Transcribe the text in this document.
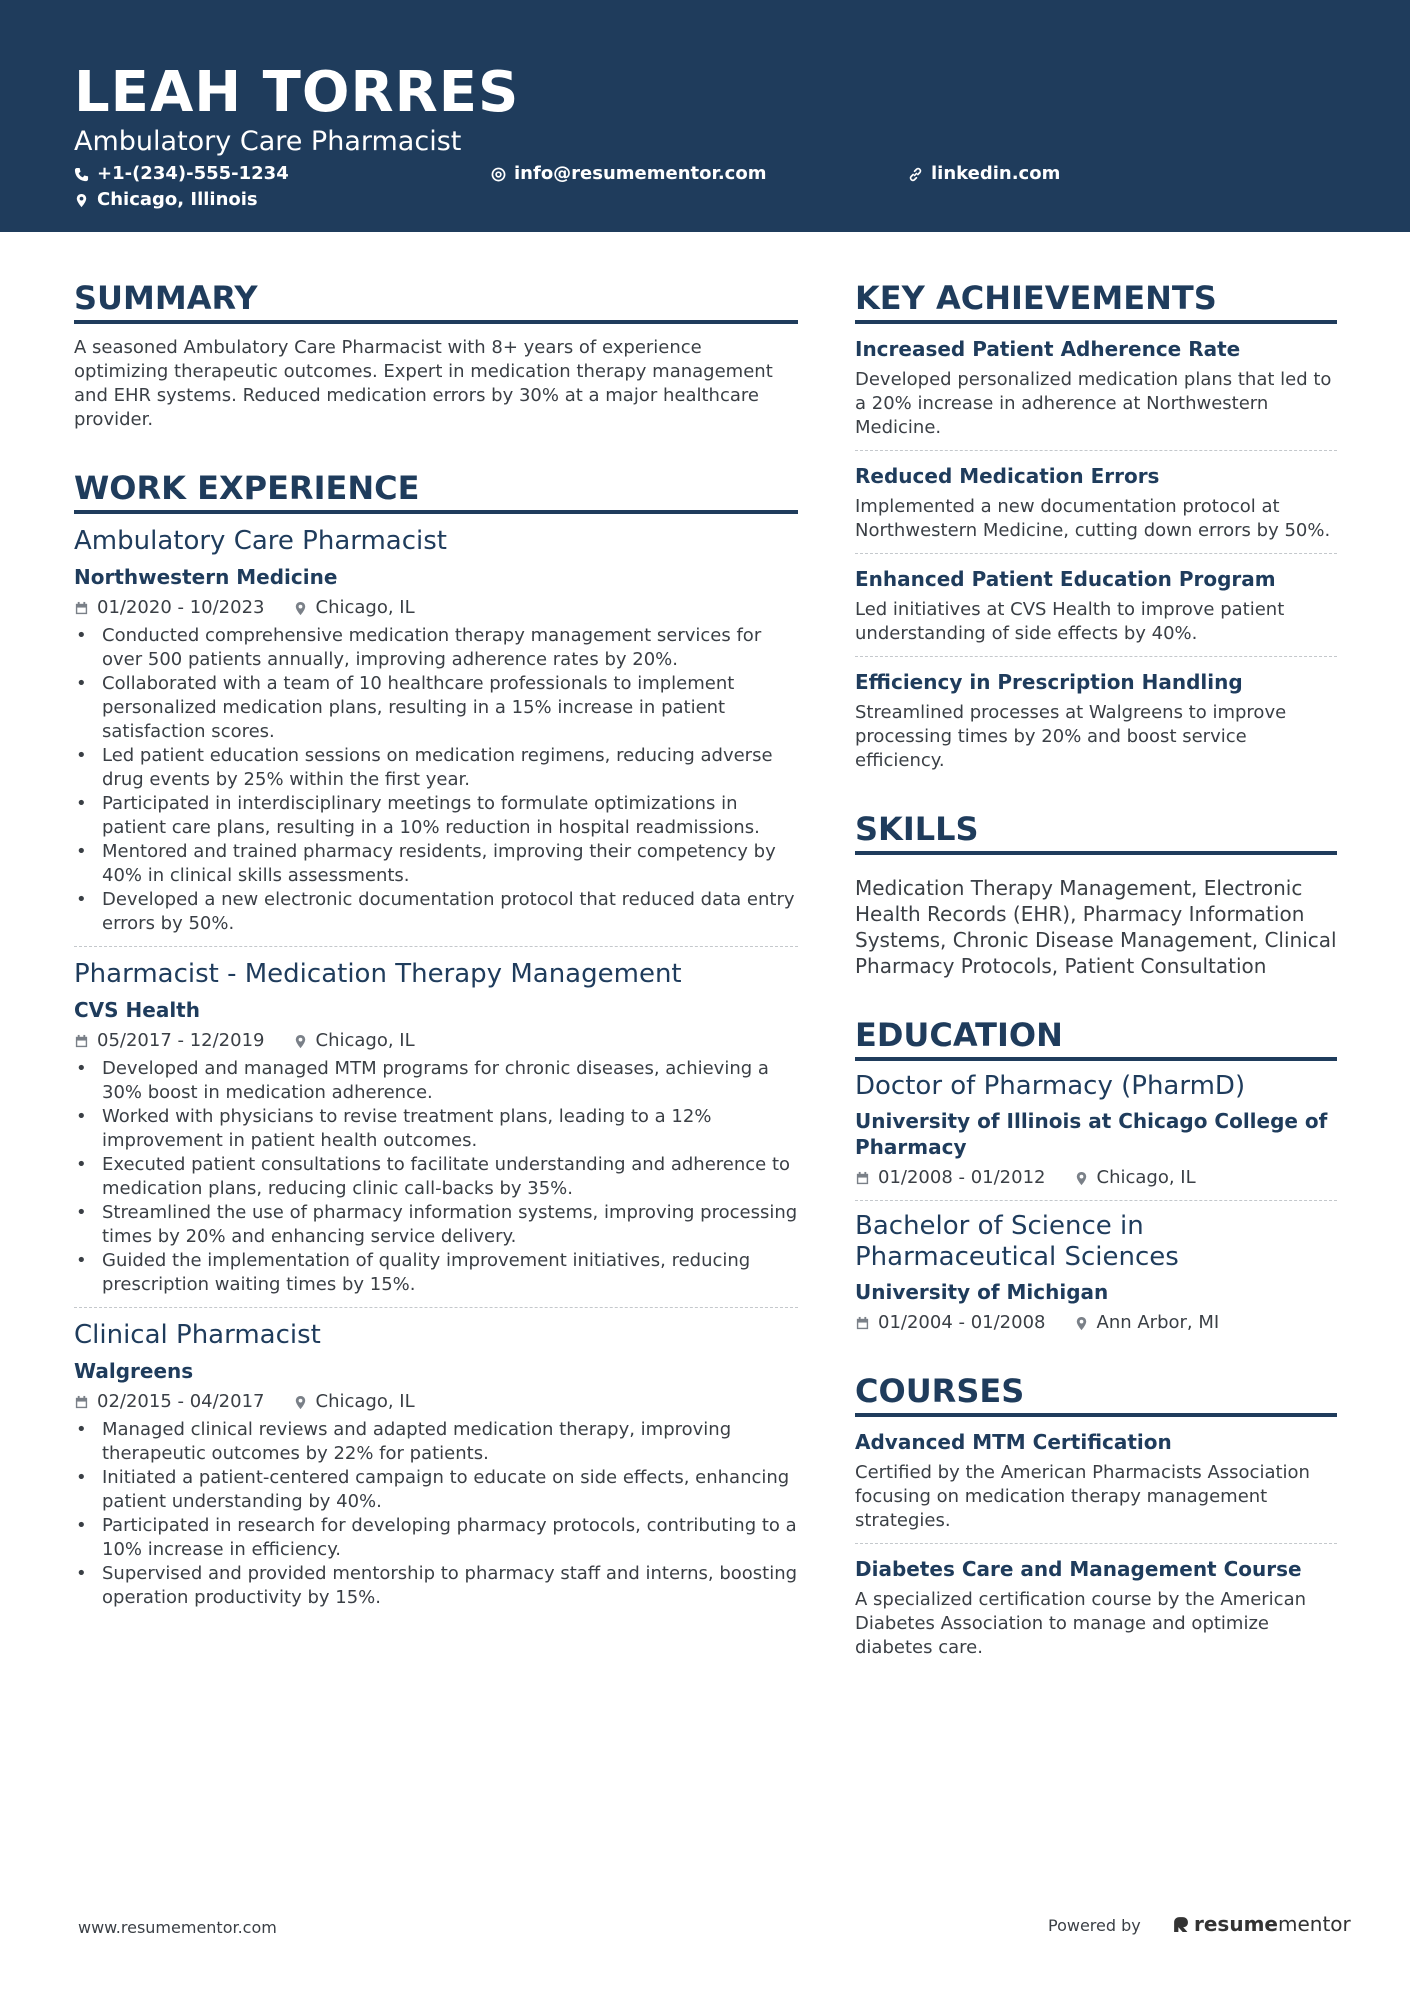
LEAH TORRES
Ambulatory Care Pharmacist
+1-(234)-555-1234	info@resumementor.com	linkedin.com
Chicago, Illinois
SUMMARY

A seasoned Ambulatory Care Pharmacist with 8+ years of experience optimizing therapeutic outcomes. Expert in medication therapy management and EHR systems. Reduced medication errors by 30% at a major healthcare provider.

WORK EXPERIENCE
Ambulatory Care Pharmacist
Northwestern Medicine
01/2020 - 10/2023	Chicago, IL
• Conducted comprehensive medication therapy management services for over 500 patients annually, improving adherence rates by 20%.
• Collaborated with a team of 10 healthcare professionals to implement personalized medication plans, resulting in a 15% increase in patient satisfaction scores.
• Led patient education sessions on medication regimens, reducing adverse drug events by 25% within the first year.
• Participated in interdisciplinary meetings to formulate optimizations in patient care plans, resulting in a 10% reduction in hospital readmissions.
• Mentored and trained pharmacy residents, improving their competency by 40% in clinical skills assessments.
• Developed a new electronic documentation protocol that reduced data entry errors by 50%.
Pharmacist - Medication Therapy Management
CVS Health
05/2017 - 12/2019	Chicago, IL
• Developed and managed MTM programs for chronic diseases, achieving a 30% boost in medication adherence.
• Worked with physicians to revise treatment plans, leading to a 12% improvement in patient health outcomes.
• Executed patient consultations to facilitate understanding and adherence to medication plans, reducing clinic call-backs by 35%.
• Streamlined the use of pharmacy information systems, improving processing times by 20% and enhancing service delivery.
• Guided the implementation of quality improvement initiatives, reducing prescription waiting times by 15%.
Clinical Pharmacist
Walgreens
02/2015 - 04/2017	Chicago, IL
• Managed clinical reviews and adapted medication therapy, improving therapeutic outcomes by 22% for patients.
• Initiated a patient-centered campaign to educate on side effects, enhancing patient understanding by 40%.
• Participated in research for developing pharmacy protocols, contributing to a 10% increase in efficiency.
• Supervised and provided mentorship to pharmacy staff and interns, boosting operation productivity by 15%.
KEY ACHIEVEMENTS
Increased Patient Adherence Rate
Developed personalized medication plans that led to a 20% increase in adherence at Northwestern Medicine.
Reduced Medication Errors
Implemented a new documentation protocol at Northwestern Medicine, cutting down errors by 50%.
Enhanced Patient Education Program
Led initiatives at CVS Health to improve patient understanding of side effects by 40%.
Efficiency in Prescription Handling
Streamlined processes at Walgreens to improve processing times by 20% and boost service efficiency.
SKILLS
Medication Therapy Management, Electronic Health Records (EHR), Pharmacy Information Systems, Chronic Disease Management, Clinical Pharmacy Protocols, Patient Consultation
EDUCATION
Doctor of Pharmacy (PharmD)
University of Illinois at Chicago College of Pharmacy
01/2008 - 01/2012	Chicago, IL
Bachelor of Science in Pharmaceutical Sciences
University of Michigan
01/2004 - 01/2008	Ann Arbor, MI
COURSES
Advanced MTM Certification
Certified by the American Pharmacists Association focusing on medication therapy management strategies.
Diabetes Care and Management Course
A specialized certification course by the American Diabetes Association to manage and optimize diabetes care.
www.resumementor.com	Powered by	resume mentor
